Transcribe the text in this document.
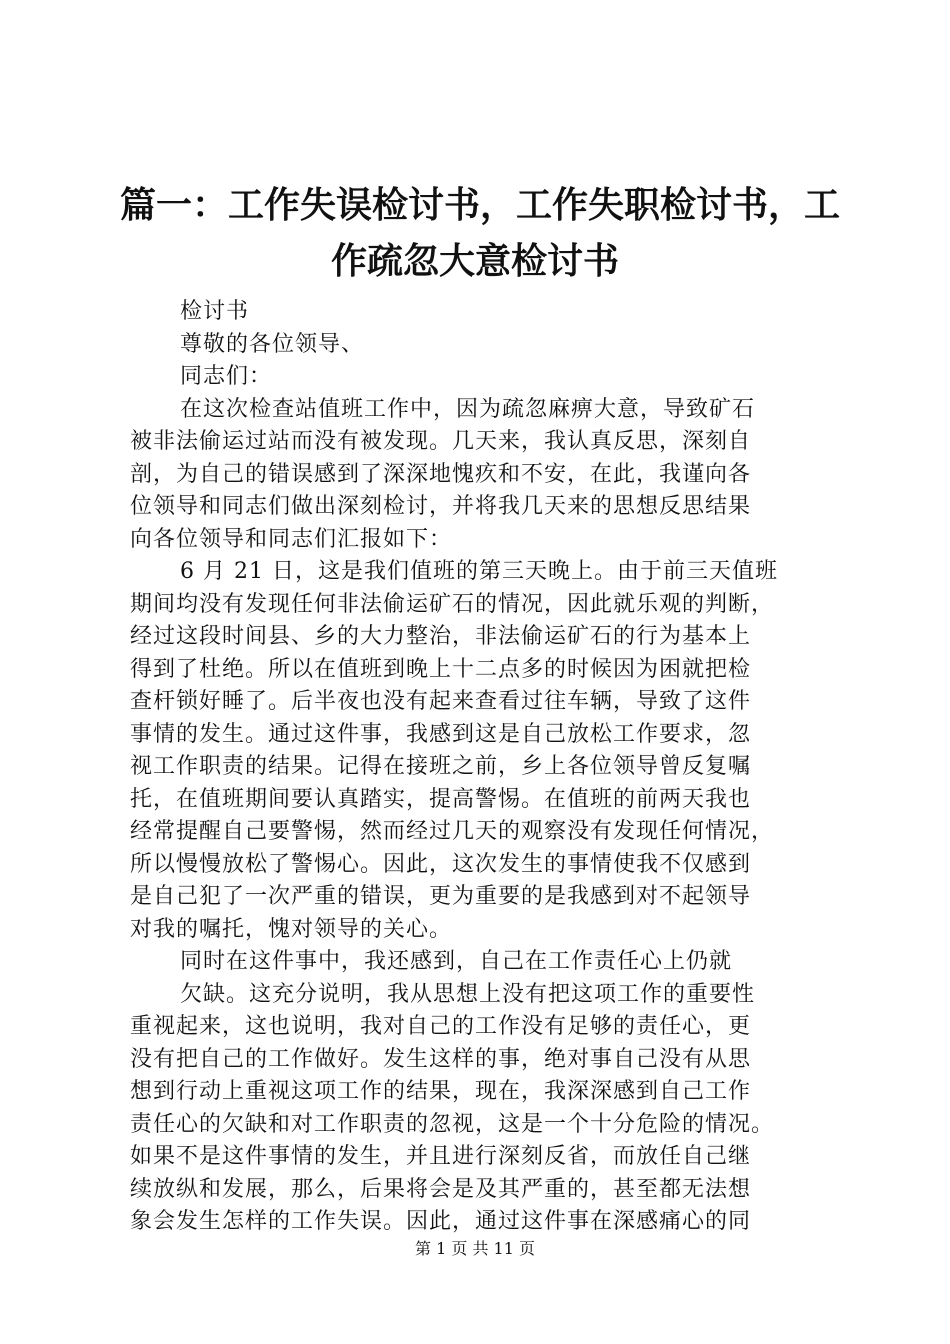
篇一：工作失误检讨书，工作失职检讨书，工
作疏忽大意检讨书
检讨书
尊敬的各位领导、
同志们：
在这次检查站值班工作中，因为疏忽麻痹大意，导致矿石
被非法偷运过站而没有被发现。几天来，我认真反思，深刻自
剖，为自己的错误感到了深深地愧疚和不安，在此，我谨向各
位领导和同志们做出深刻检讨，并将我几天来的思想反思结果
向各位领导和同志们汇报如下：
6 月 21 日，这是我们值班的第三天晚上。由于前三天值班
期间均没有发现任何非法偷运矿石的情况，因此就乐观的判断，
经过这段时间县、乡的大力整治，非法偷运矿石的行为基本上
得到了杜绝。所以在值班到晚上十二点多的时候因为困就把检
查杆锁好睡了。后半夜也没有起来查看过往车辆，导致了这件
事情的发生。通过这件事，我感到这是自己放松工作要求，忽
视工作职责的结果。记得在接班之前，乡上各位领导曾反复嘱
托，在值班期间要认真踏实，提高警惕。在值班的前两天我也
经常提醒自己要警惕，然而经过几天的观察没有发现任何情况，
所以慢慢放松了警惕心。因此，这次发生的事情使我不仅感到
是自己犯了一次严重的错误，更为重要的是我感到对不起领导
对我的嘱托，愧对领导的关心。
同时在这件事中，我还感到，自己在工作责任心上仍就
欠缺。这充分说明，我从思想上没有把这项工作的重要性
重视起来，这也说明，我对自己的工作没有足够的责任心，更
没有把自己的工作做好。发生这样的事，绝对事自己没有从思
想到行动上重视这项工作的结果，现在，我深深感到自己工作
责任心的欠缺和对工作职责的忽视，这是一个十分危险的情况。
如果不是这件事情的发生，并且进行深刻反省，而放任自己继
续放纵和发展，那么，后果将会是及其严重的，甚至都无法想
象会发生怎样的工作失误。因此，通过这件事在深感痛心的同
第 1 页 共 11 页
